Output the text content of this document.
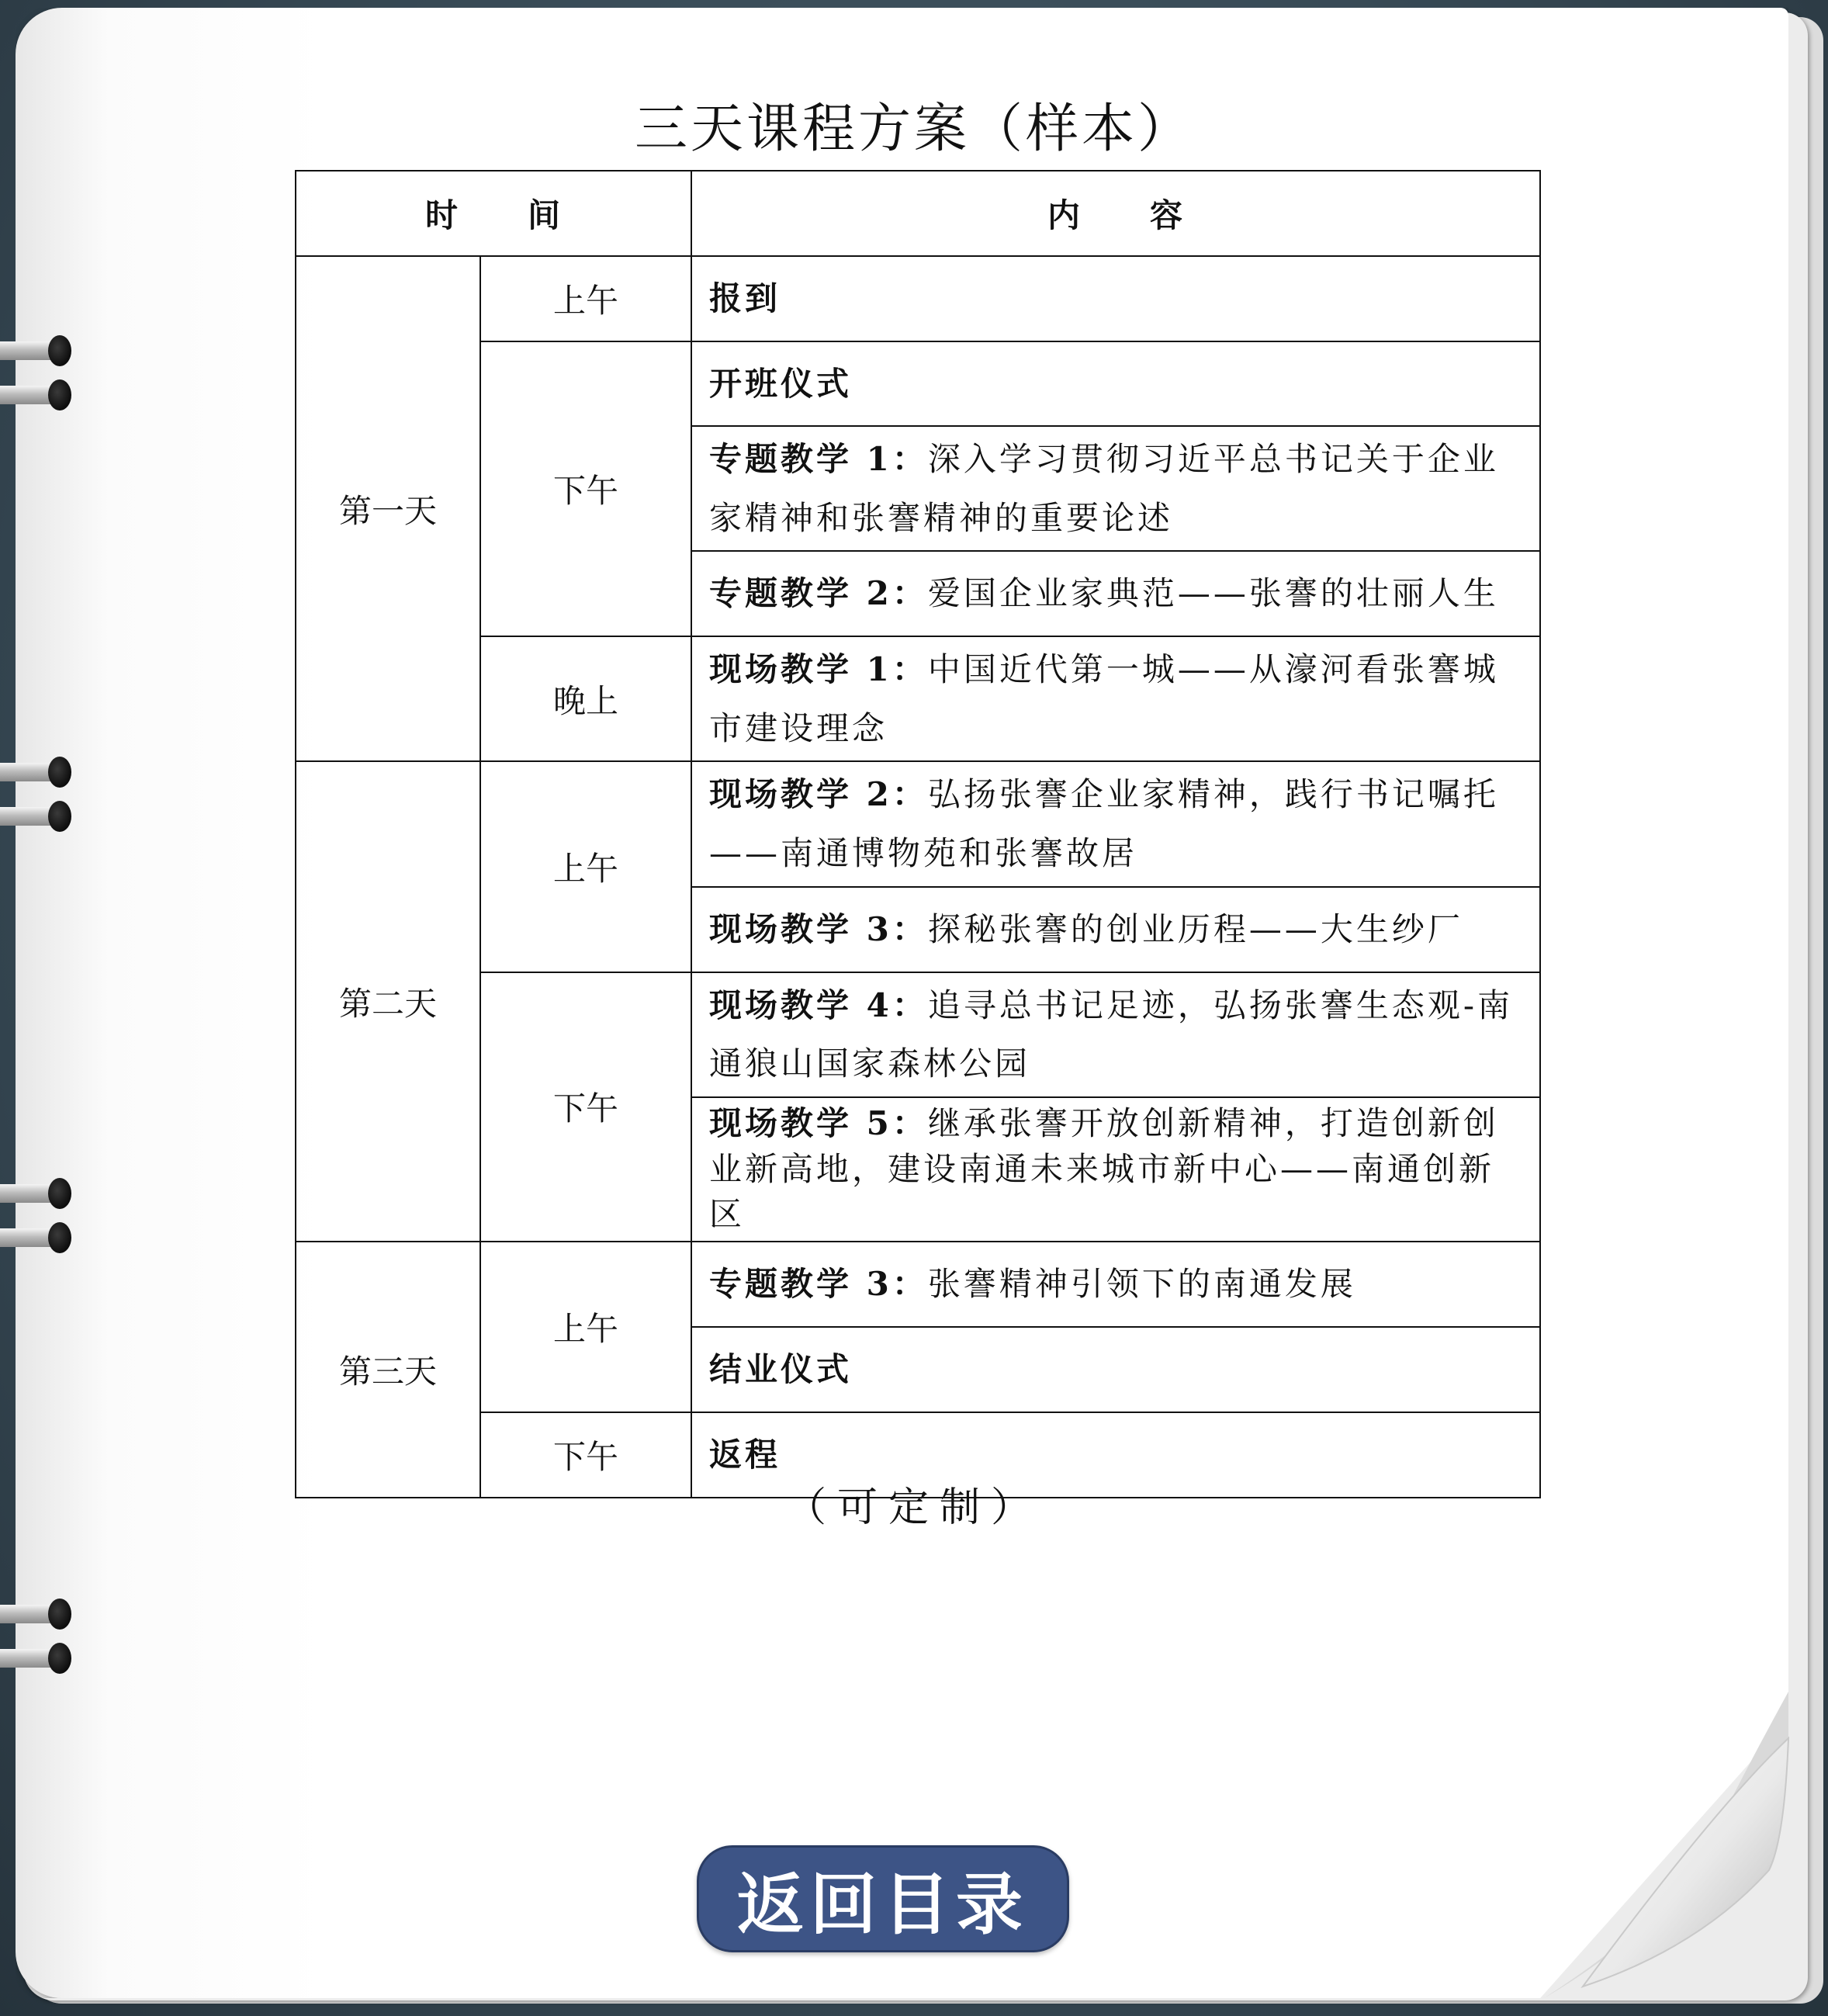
三天课程方案（样本）
时　　间		内　　容
第一天	上午	报到
	下午	开班仪式
		专题教学 1：深入学习贯彻习近平总书记关于企业家精神和张謇精神的重要论述
		专题教学 2：爱国企业家典范——张謇的壮丽人生
	晚上	现场教学 1：中国近代第一城——从濠河看张謇城市建设理念
第二天	上午	现场教学 2：弘扬张謇企业家精神，践行书记嘱托——南通博物苑和张謇故居
		现场教学 3：探秘张謇的创业历程——大生纱厂
	下午	现场教学 4：追寻总书记足迹，弘扬张謇生态观-南通狼山国家森林公园
		现场教学 5：继承张謇开放创新精神，打造创新创业新高地，建设南通未来城市新中心——南通创新区
第三天	上午	专题教学 3：张謇精神引领下的南通发展
		结业仪式
	下午	返程
（可定制）
返回目录
